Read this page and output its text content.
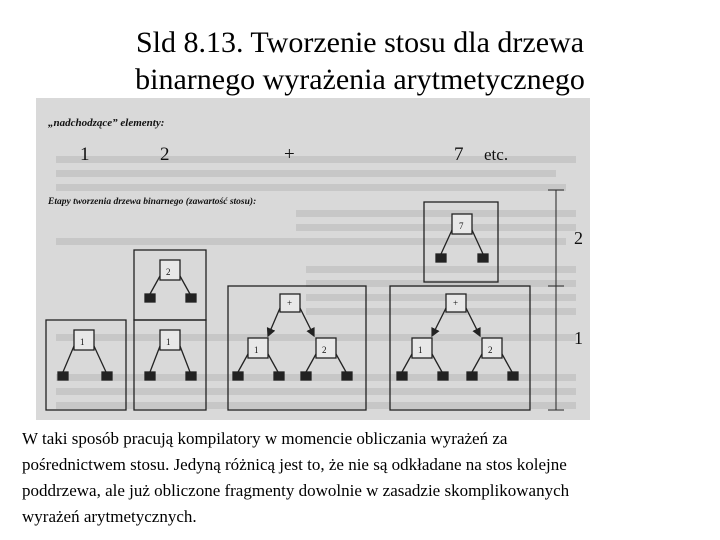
Sld 8.13. Tworzenie stosu dla drzewa
binarnego wyrażenia arytmetycznego
„nadchodzące” elementy:
1	2	+	7 etc.
Etapy tworzenia drzewa binarnego (zawartość stosu):
1
2
1
+
1	2
7
+
1	2
2
1

W taki sposób pracują kompilatory w momencie obliczania wyrażeń za
pośrednictwem stosu. Jedyną różnicą jest to, że nie są odkładane na stos kolejne
poddrzewa, ale już obliczone fragmenty dowolnie w zasadzie skomplikowanych
wyrażeń arytmetycznych.
